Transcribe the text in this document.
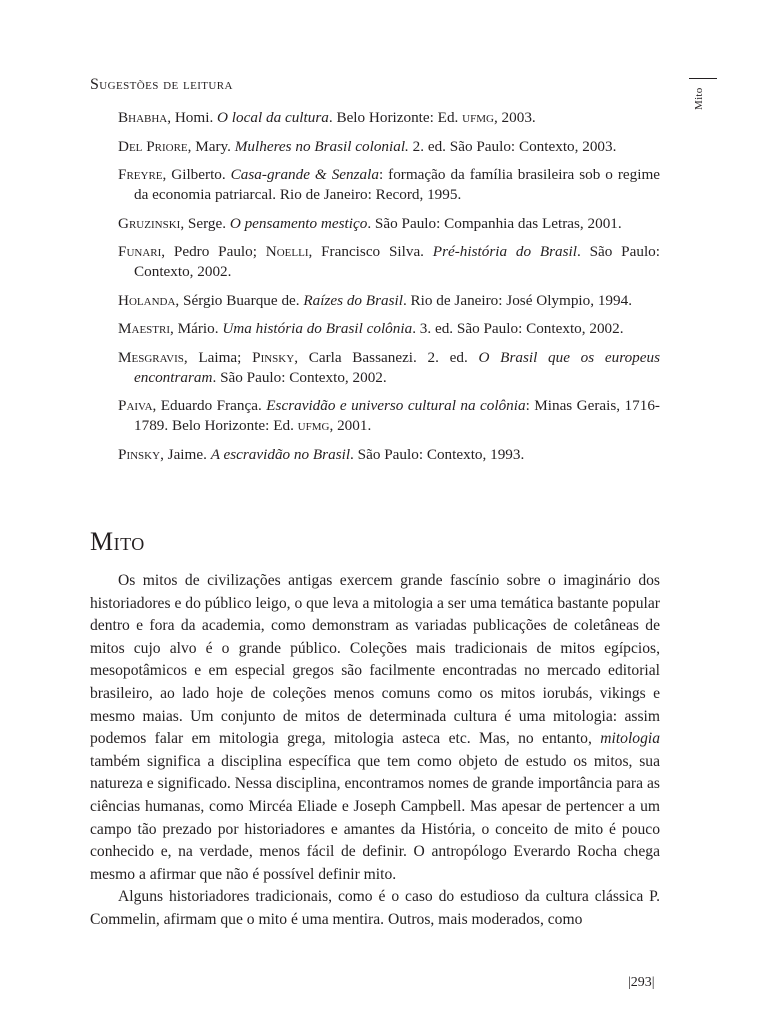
Mito
Sugestões de leitura
Bhabha, Homi. O local da cultura. Belo Horizonte: Ed. ufmg, 2003.
Del Priore, Mary. Mulheres no Brasil colonial. 2. ed. São Paulo: Contexto, 2003.
Freyre, Gilberto. Casa-grande & Senzala: formação da família brasileira sob o regime da economia patriarcal. Rio de Janeiro: Record, 1995.
Gruzinski, Serge. O pensamento mestiço. São Paulo: Companhia das Letras, 2001.
Funari, Pedro Paulo; Noelli, Francisco Silva. Pré-história do Brasil. São Paulo: Contexto, 2002.
Holanda, Sérgio Buarque de. Raízes do Brasil. Rio de Janeiro: José Olympio, 1994.
Maestri, Mário. Uma história do Brasil colônia. 3. ed. São Paulo: Contexto, 2002.
Mesgravis, Laima; Pinsky, Carla Bassanezi. 2. ed. O Brasil que os europeus encontraram. São Paulo: Contexto, 2002.
Paiva, Eduardo França. Escravidão e universo cultural na colônia: Minas Gerais, 1716-1789. Belo Horizonte: Ed. ufmg, 2001.
Pinsky, Jaime. A escravidão no Brasil. São Paulo: Contexto, 1993.
Mito

Os mitos de civilizações antigas exercem grande fascínio sobre o imaginário dos historiadores e do público leigo, o que leva a mitologia a ser uma temática bastante popular dentro e fora da academia, como demonstram as variadas publicações de coletâneas de mitos cujo alvo é o grande público. Coleções mais tradicionais de mitos egípcios, mesopotâmicos e em especial gregos são facilmente encontradas no mercado editorial brasileiro, ao lado hoje de coleções menos comuns como os mitos iorubás, vikings e mesmo maias. Um conjunto de mitos de determinada cultura é uma mitologia: assim podemos falar em mitologia grega, mitologia asteca etc. Mas, no entanto, mitologia também significa a disciplina específica que tem como objeto de estudo os mitos, sua natureza e significado. Nessa disciplina, encontramos nomes de grande importância para as ciências humanas, como Mircéa Eliade e Joseph Campbell. Mas apesar de pertencer a um campo tão prezado por historiadores e amantes da História, o conceito de mito é pouco conhecido e, na verdade, menos fácil de definir. O antropólogo Everardo Rocha chega mesmo a afirmar que não é possível definir mito.

Alguns historiadores tradicionais, como é o caso do estudioso da cultura clássica P. Commelin, afirmam que o mito é uma mentira. Outros, mais moderados, como

|293|
